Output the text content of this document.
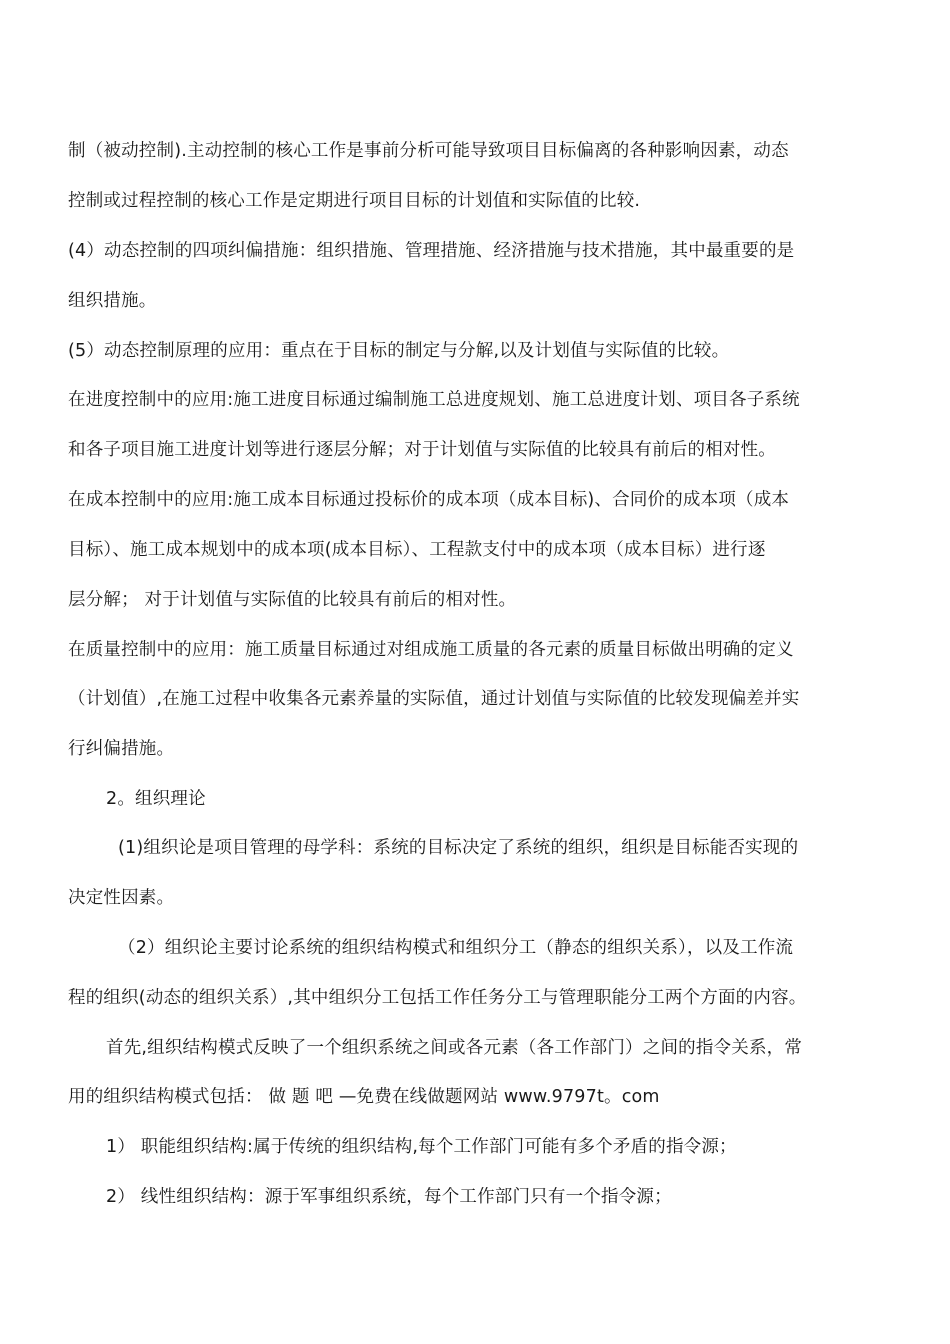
制（被动控制).主动控制的核心工作是事前分析可能导致项目目标偏离的各种影响因素，动态
控制或过程控制的核心工作是定期进行项目目标的计划值和实际值的比较.
(4）动态控制的四项纠偏措施：组织措施、管理措施、经济措施与技术措施，其中最重要的是
组织措施。
(5）动态控制原理的应用：重点在于目标的制定与分解,以及计划值与实际值的比较。
在进度控制中的应用:施工进度目标通过编制施工总进度规划、施工总进度计划、项目各子系统
和各子项目施工进度计划等进行逐层分解；对于计划值与实际值的比较具有前后的相对性。
在成本控制中的应用:施工成本目标通过投标价的成本项（成本目标)、合同价的成本项（成本
目标）、施工成本规划中的成本项(成本目标）、工程款支付中的成本项（成本目标）进行逐
层分解； 对于计划值与实际值的比较具有前后的相对性。
在质量控制中的应用：施工质量目标通过对组成施工质量的各元素的质量目标做出明确的定义
（计划值）,在施工过程中收集各元素养量的实际值，通过计划值与实际值的比较发现偏差并实
行纠偏措施。
2。组织理论
(1)组织论是项目管理的母学科：系统的目标决定了系统的组织，组织是目标能否实现的
决定性因素。
（2）组织论主要讨论系统的组织结构模式和组织分工（静态的组织关系），以及工作流
程的组织(动态的组织关系）,其中组织分工包括工作任务分工与管理职能分工两个方面的内容。
首先,组织结构模式反映了一个组织系统之间或各元素（各工作部门）之间的指令关系，常
用的组织结构模式包括： 做 题 吧 —免费在线做题网站 www.9797t。com
1） 职能组织结构:属于传统的组织结构,每个工作部门可能有多个矛盾的指令源；
2） 线性组织结构：源于军事组织系统，每个工作部门只有一个指令源；
